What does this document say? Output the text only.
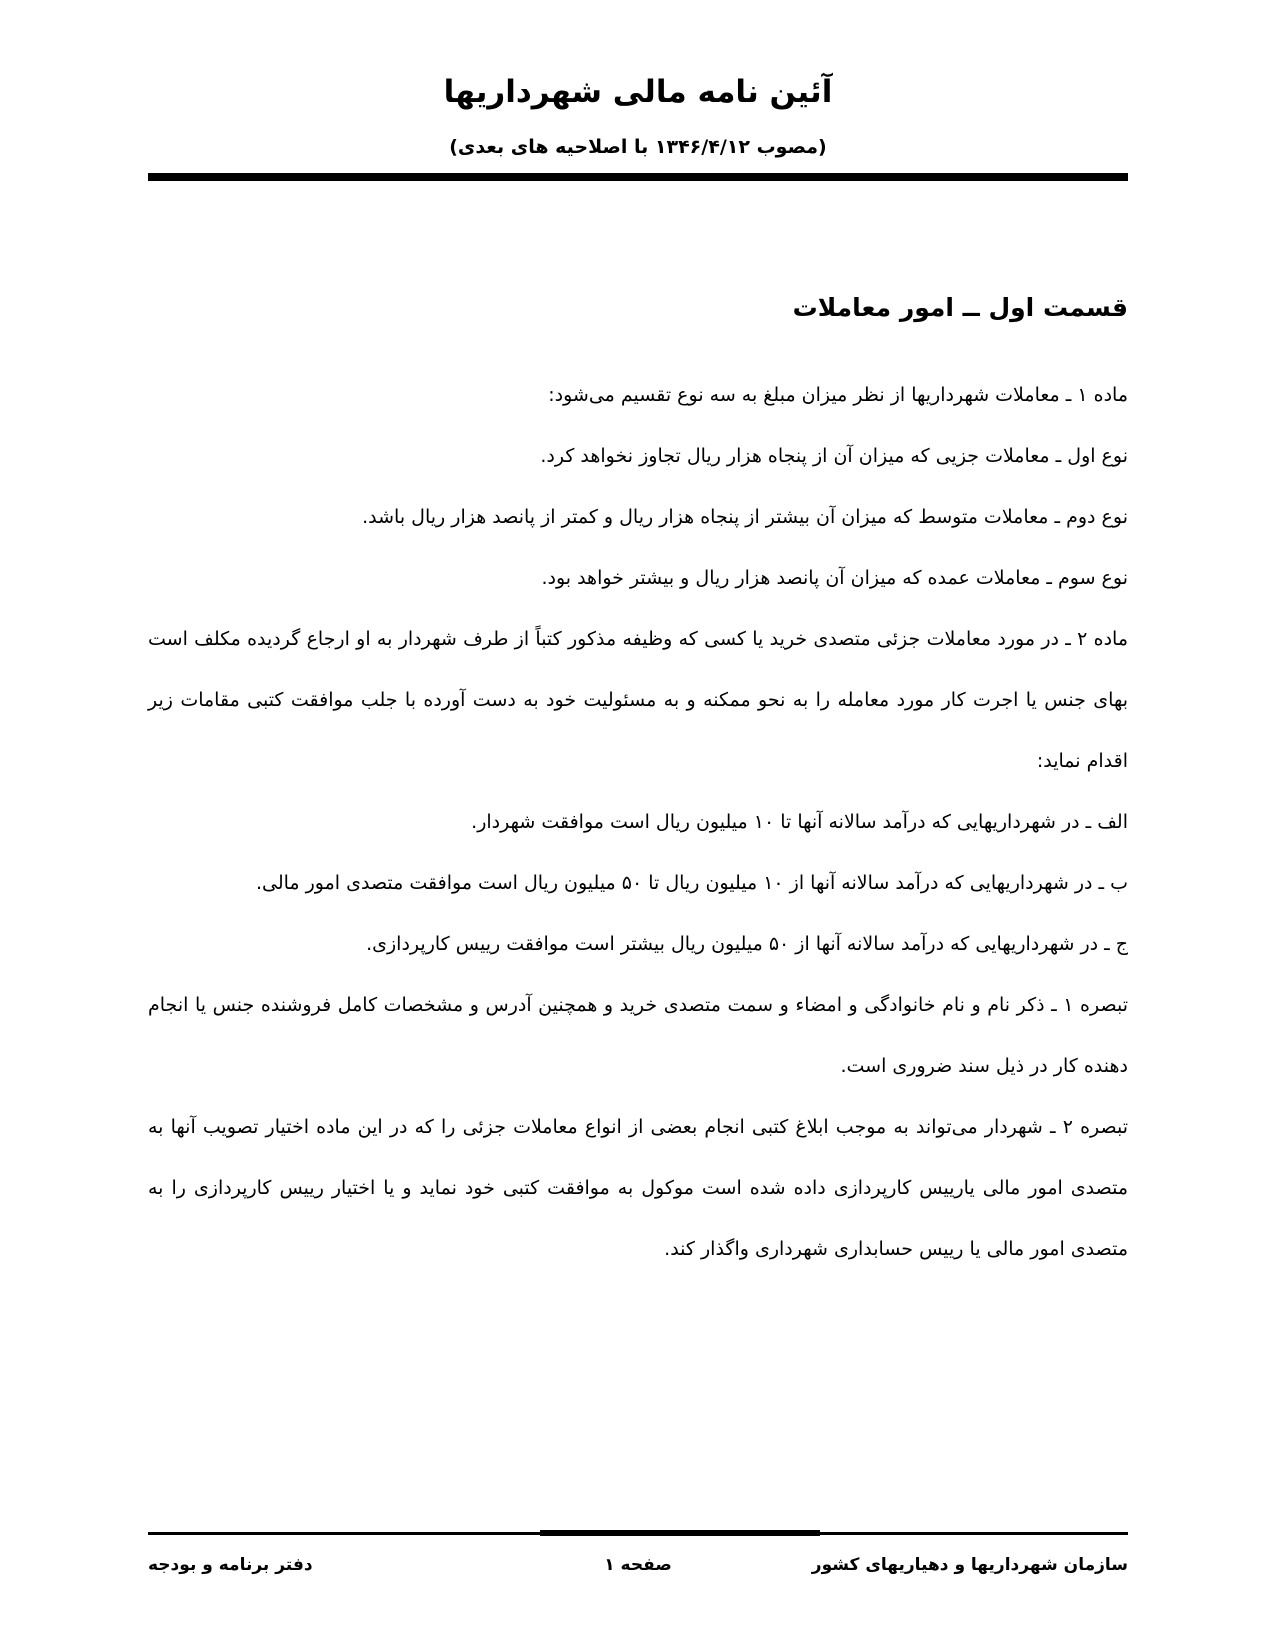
آئین نامه مالی شهرداریها
(مصوب ۱۳۴۶/۴/۱۲ با اصلاحیه های بعدی)
قسمت اول ــ امور معاملات

ماده ۱ ـ معاملات شهرداریها از نظر میزان مبلغ به سه نوع تقسیم می‌شود:

نوع اول ـ معاملات جزیی که میزان آن از پنجاه هزار ریال تجاوز نخواهد کرد.

نوع دوم ـ معاملات متوسط که میزان آن بیشتر از پنجاه هزار ریال و کمتر از پانصد هزار ریال باشد.

نوع سوم ـ معاملات عمده که میزان آن پانصد هزار ریال و بیشتر خواهد بود.

ماده ۲ ـ در مورد معاملات جزئی متصدی خرید یا کسی که وظیفه مذکور کتباً از طرف شهردار به او ارجاع گردیده مکلف است بهای جنس یا اجرت کار مورد معامله را به نحو ممکنه و به مسئولیت خود به دست آورده با جلب موافقت کتبی مقامات زیر اقدام نماید:

الف ـ در شهرداریهایی که درآمد سالانه آنها تا ۱۰ میلیون ریال است موافقت شهردار.

ب ـ در شهرداریهایی که درآمد سالانه آنها از ۱۰ میلیون ریال تا ۵۰ میلیون ریال است موافقت متصدی امور مالی.

ج ـ در شهرداریهایی که درآمد سالانه آنها از ۵۰ میلیون ریال بیشتر است موافقت رییس کارپردازی.

تبصره ۱ ـ ذکر نام و نام خانوادگی و امضاء و سمت متصدی خرید و همچنین آدرس و مشخصات کامل فروشنده جنس یا انجام دهنده کار در ذیل سند ضروری است.

تبصره ۲ ـ شهردار می‌تواند به موجب ابلاغ کتبی انجام بعضی از انواع معاملات جزئی را که در این ماده اختیار تصویب آنها به متصدی امور مالی یارییس کارپردازی داده شده است موکول به موافقت کتبی خود نماید و یا اختیار رییس کارپردازی را به متصدی امور مالی یا رییس حسابداری شهرداری واگذار کند.

سازمان شهرداریها و دهیاریهای کشور
صفحه ۱
دفتر برنامه و بودجه
